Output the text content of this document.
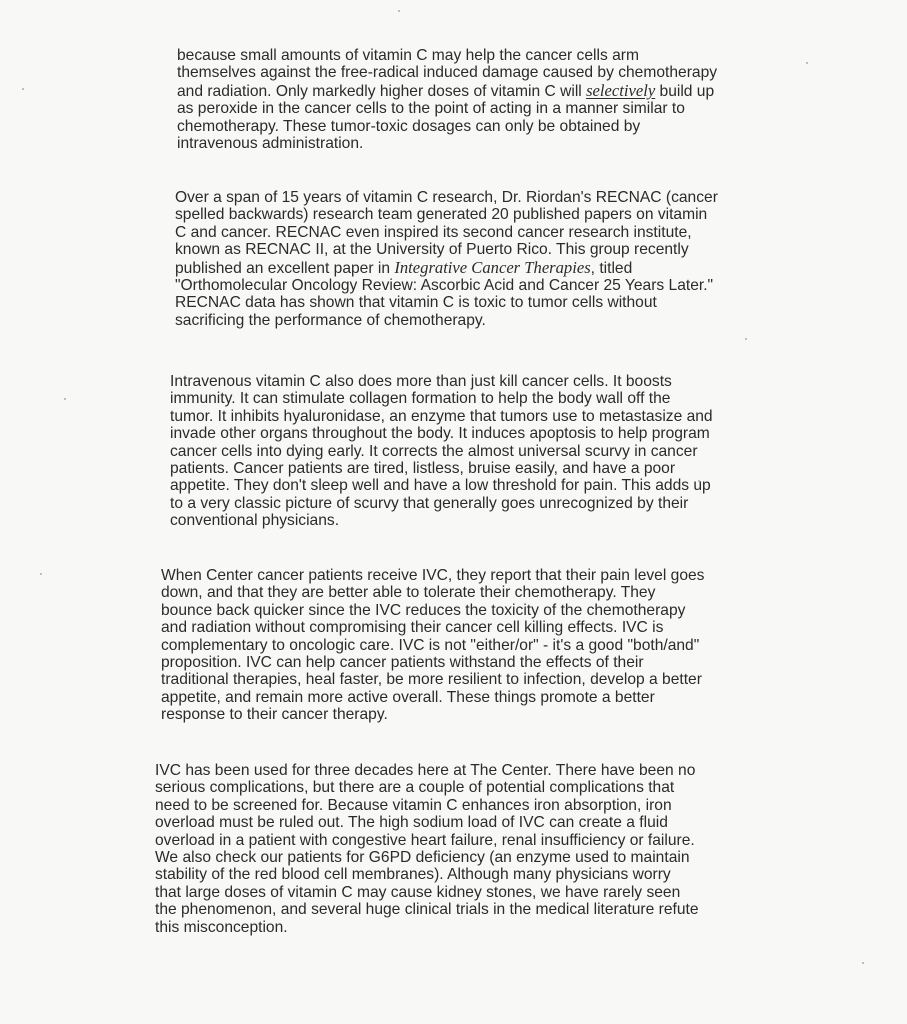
because small amounts of vitamin C may help the cancer cells arm
themselves against the free-radical induced damage caused by chemotherapy
and radiation. Only markedly higher doses of vitamin C will selectively build up
as peroxide in the cancer cells to the point of acting in a manner similar to
chemotherapy. These tumor-toxic dosages can only be obtained by
intravenous administration.

Over a span of 15 years of vitamin C research, Dr. Riordan's RECNAC (cancer
spelled backwards) research team generated 20 published papers on vitamin
C and cancer. RECNAC even inspired its second cancer research institute,
known as RECNAC II, at the University of Puerto Rico. This group recently
published an excellent paper in Integrative Cancer Therapies, titled
"Orthomolecular Oncology Review: Ascorbic Acid and Cancer 25 Years Later."
RECNAC data has shown that vitamin C is toxic to tumor cells without
sacrificing the performance of chemotherapy.

Intravenous vitamin C also does more than just kill cancer cells. It boosts
immunity. It can stimulate collagen formation to help the body wall off the
tumor. It inhibits hyaluronidase, an enzyme that tumors use to metastasize and
invade other organs throughout the body. It induces apoptosis to help program
cancer cells into dying early. It corrects the almost universal scurvy in cancer
patients. Cancer patients are tired, listless, bruise easily, and have a poor
appetite. They don't sleep well and have a low threshold for pain. This adds up
to a very classic picture of scurvy that generally goes unrecognized by their
conventional physicians.

When Center cancer patients receive IVC, they report that their pain level goes
down, and that they are better able to tolerate their chemotherapy. They
bounce back quicker since the IVC reduces the toxicity of the chemotherapy
and radiation without compromising their cancer cell killing effects. IVC is
complementary to oncologic care. IVC is not "either/or" - it's a good "both/and"
proposition. IVC can help cancer patients withstand the effects of their
traditional therapies, heal faster, be more resilient to infection, develop a better
appetite, and remain more active overall. These things promote a better
response to their cancer therapy.

IVC has been used for three decades here at The Center. There have been no
serious complications, but there are a couple of potential complications that
need to be screened for. Because vitamin C enhances iron absorption, iron
overload must be ruled out. The high sodium load of IVC can create a fluid
overload in a patient with congestive heart failure, renal insufficiency or failure.
We also check our patients for G6PD deficiency (an enzyme used to maintain
stability of the red blood cell membranes). Although many physicians worry
that large doses of vitamin C may cause kidney stones, we have rarely seen
the phenomenon, and several huge clinical trials in the medical literature refute
this misconception.
